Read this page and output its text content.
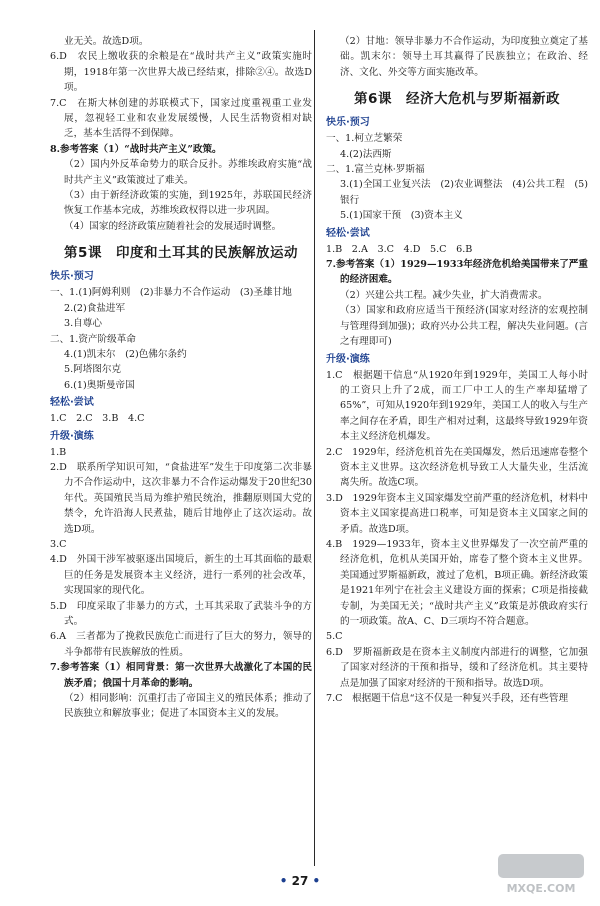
业无关。故选D项。

6.D　农民上缴收获的余粮是在“战时共产主义”政策实施时期，1918年第一次世界大战已经结束，排除②④。故选D项。

7.C　在斯大林创建的苏联模式下，国家过度重视重工业发展，忽视轻工业和农业发展缓慢，人民生活物资相对缺乏，基本生活得不到保障。

8.参考答案（1）“战时共产主义”政策。

（2）国内外反革命势力的联合反扑。苏维埃政府实施“战时共产主义”政策渡过了难关。

（3）由于新经济政策的实施，到1925年，苏联国民经济恢复工作基本完成，苏维埃政权得以进一步巩固。

（4）国家的经济政策应随着社会的发展适时调整。

第5课　印度和土耳其的民族解放运动
快乐·预习

一、1.(1)阿姆利则　(2)非暴力不合作运动　(3)圣雄甘地

2.(2)食盐进军

3.自尊心

二、1.资产阶级革命

4.(1)凯末尔　(2)色佛尔条约

5.阿塔图尔克

6.(1)奥斯曼帝国

轻松·尝试

1.C　2.C　3.B　4.C

升级·演练

1.B

2.D　联系所学知识可知，“食盐进军”发生于印度第二次非暴力不合作运动中，这次非暴力不合作运动爆发于20世纪30年代。英国殖民当局为维护殖民统治，推翻原则国大党的禁令，允许沿海人民煮盐，随后甘地停止了这次运动。故选D项。

3.C

4.D　外国干涉军被驱逐出国境后，新生的土耳其面临的最艰巨的任务是发展资本主义经济，进行一系列的社会改革，实现国家的现代化。

5.D　印度采取了非暴力的方式，土耳其采取了武装斗争的方式。

6.A　三者都为了挽救民族危亡而进行了巨大的努力，领导的斗争都带有民族解放的性质。

7.参考答案（1）相同背景：第一次世界大战激化了本国的民族矛盾；俄国十月革命的影响。

（2）相同影响：沉重打击了帝国主义的殖民体系；推动了民族独立和解放事业；促进了本国资本主义的发展。

（2）甘地：领导非暴力不合作运动，为印度独立奠定了基础。凯末尔：领导土耳其赢得了民族独立；在政治、经济、文化、外交等方面实施改革。

第6课　经济大危机与罗斯福新政
快乐·预习

一、1.柯立芝繁荣

4.(2)法西斯

二、1.富兰克林·罗斯福

3.(1)全国工业复兴法　(2)农业调整法　(4)公共工程　(5)银行

5.(1)国家干预　(3)资本主义

轻松·尝试

1.B　2.A　3.C　4.D　5.C　6.B

7.参考答案（1）1929—1933年经济危机给美国带来了严重的经济困难。

（2）兴建公共工程。减少失业，扩大消费需求。

（3）国家和政府应适当干预经济(国家对经济的宏观控制与管理得到加强)；政府兴办公共工程，解决失业问题。(言之有理即可)

升级·演练

1.C　根据题干信息“从1920年到1929年，美国工人每小时的工资只上升了2成，而工厂中工人的生产率却猛增了65%”，可知从1920年到1929年，美国工人的收入与生产率之间存在矛盾，即生产相对过剩，这最终导致1929年资本主义经济危机爆发。

2.C　1929年，经济危机首先在美国爆发，然后迅速席卷整个资本主义世界。这次经济危机导致工人大量失业，生活流离失所。故选C项。

3.D　1929年资本主义国家爆发空前严重的经济危机，材料中资本主义国家提高进口税率，可知是资本主义国家之间的矛盾。故选D项。

4.B　1929—1933年，资本主义世界爆发了一次空前严重的经济危机，危机从美国开始，席卷了整个资本主义世界。美国通过罗斯福新政，渡过了危机，B项正确。新经济政策是1921年列宁在社会主义建设方面的探索；C项是指接截专制，为美国无关；“战时共产主义”政策是苏俄政府实行的一项政策。故A、C、D三项均不符合题意。

5.C

6.D　罗斯福新政是在资本主义制度内部进行的调整，它加强了国家对经济的干预和指导，缓和了经济危机。其主要特点是加强了国家对经济的干预和指导。故选D项。

7.C　根据题干信息“这不仅是一种复兴手段，还有些管理

• 27 •
MXQE.COM
